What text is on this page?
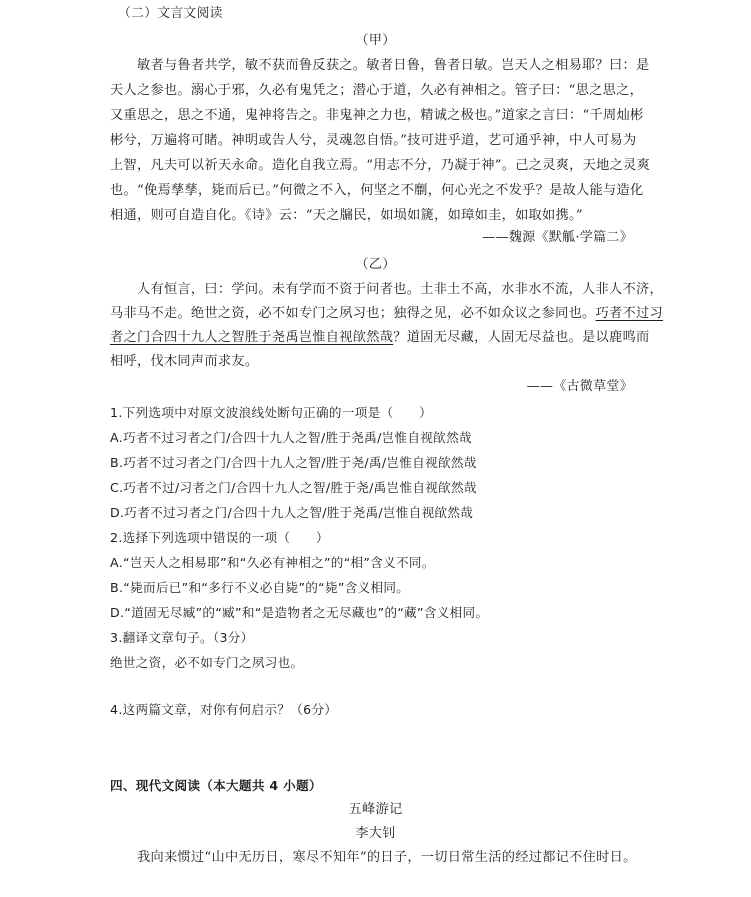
（二）文言文阅读
（甲）
　　敏者与鲁者共学，敏不获而鲁反获之。敏者日鲁，鲁者日敏。岂天人之相易耶？曰：是
天人之参也。溺心于邪，久必有鬼凭之；潜心于道，久必有神相之。管子曰：“思之思之，
又重思之，思之不通，鬼神将告之。非鬼神之力也，精诚之极也。”道家之言曰：“千周灿彬
彬兮，万遍将可睹。神明或告人兮，灵魂忽自悟。”技可进乎道，艺可通乎神，中人可易为
上智，凡夫可以祈天永命。造化自我立焉。“用志不分，乃凝于神”。己之灵爽，天地之灵爽
也。“俛焉孳孳，毙而后已。”何微之不入，何坚之不劘，何心光之不发乎？是故人能与造化
相通，则可自造自化。《诗》云：“天之牖民，如埙如篪，如璋如圭，如取如携。”
——魏源《默觚·学篇二》
（乙）
　　人有恒言，曰：学问。未有学而不资于问者也。土非土不高，水非水不流，人非人不济，
马非马不走。绝世之资，必不如专门之夙习也；独得之见，必不如众议之参同也。巧者不过习
者之门合四十九人之智胜于尧禹岂惟自视欿然哉？道固无尽藏，人固无尽益也。是以鹿鸣而
相呼，伐木同声而求友。
——《古微草堂》
1.下列选项中对原文波浪线处断句正确的一项是（　　）
A.巧者不过习者之门/合四十九人之智/胜于尧禹/岂惟自视欿然哉
B.巧者不过习者之门/合四十九人之智/胜于尧/禹/岂惟自视欿然哉
C.巧者不过/习者之门/合四十九人之智/胜于尧/禹岂惟自视欿然哉
D.巧者不过习者之门/合四十九人之智/胜于尧禹/岂惟自视欿然哉
2.选择下列选项中错误的一项（　　）
A.“岂天人之相易耶”和“久必有神相之”的“相”含义不同。
B.“毙而后已”和“多行不义必自毙”的“毙”含义相同。
D.“道固无尽臧”的“臧”和“是造物者之无尽藏也”的“藏”含义相同。
3.翻译文章句子。（3分）
绝世之资，必不如专门之夙习也。
4.这两篇文章，对你有何启示？（6分）
四、现代文阅读（本大题共 4 小题）
五峰游记
李大钊
　　我向来惯过“山中无历日，寒尽不知年”的日子，一切日常生活的经过都记不住时日。
